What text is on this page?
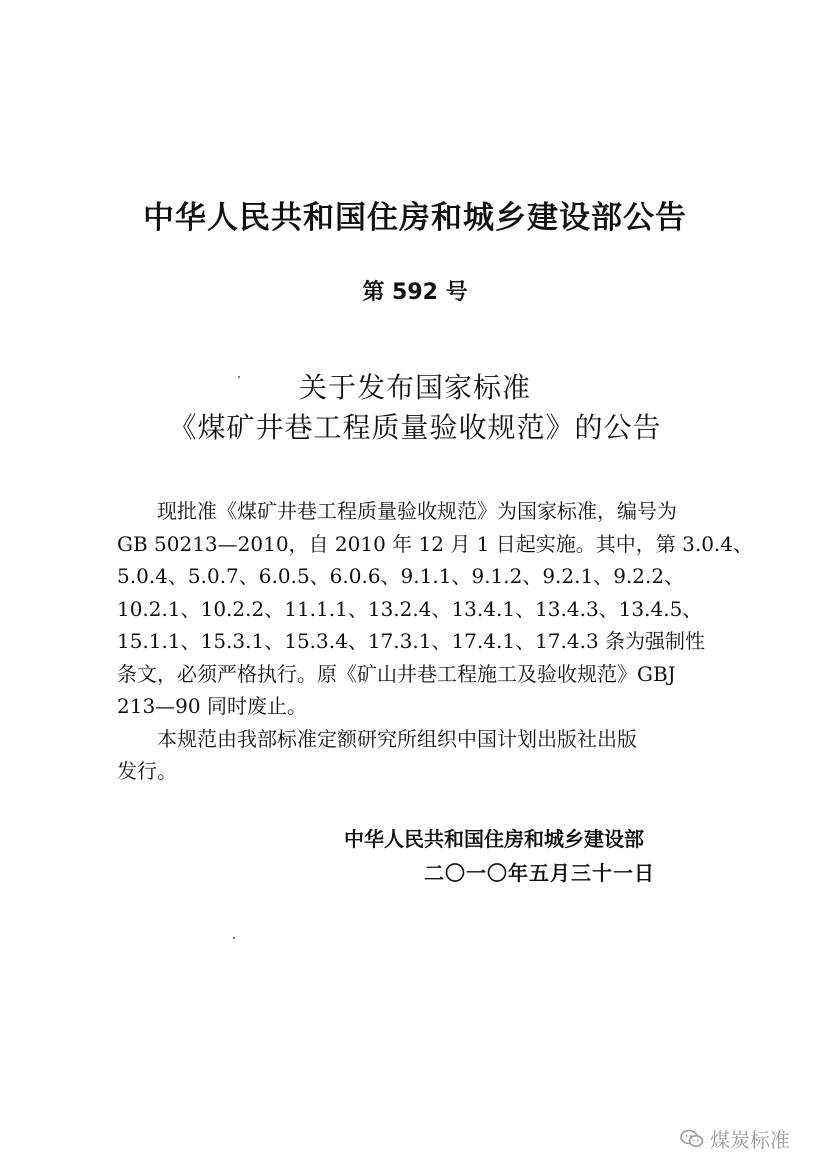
中华人民共和国住房和城乡建设部公告
第 592 号
关于发布国家标准
《煤矿井巷工程质量验收规范》的公告
　　现批准《煤矿井巷工程质量验收规范》为国家标准，编号为
GB 50213—2010，自 2010 年 12 月 1 日起实施。其中，第 3.0.4、
5.0.4、5.0.7、6.0.5、6.0.6、9.1.1、9.1.2、9.2.1、9.2.2、
10.2.1、10.2.2、11.1.1、13.2.4、13.4.1、13.4.3、13.4.5、
15.1.1、15.3.1、15.3.4、17.3.1、17.4.1、17.4.3 条为强制性
条文，必须严格执行。原《矿山井巷工程施工及验收规范》GBJ
213—90 同时废止。
　　本规范由我部标准定额研究所组织中国计划出版社出版
发行。
中华人民共和国住房和城乡建设部
二〇一〇年五月三十一日
煤炭标准
